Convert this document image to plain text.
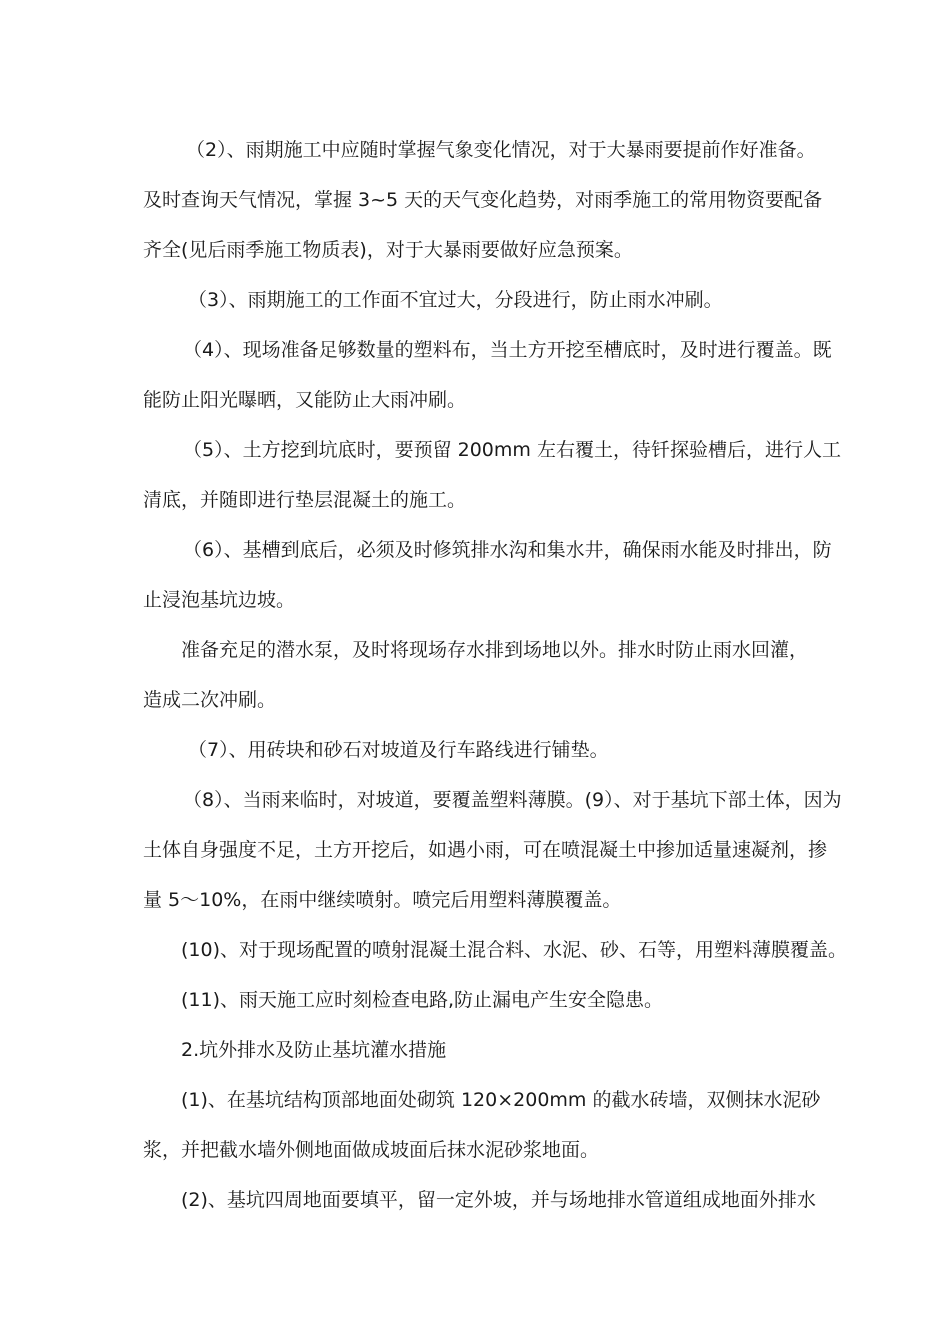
（2）、雨期施工中应随时掌握气象变化情况，对于大暴雨要提前作好准备。
及时查询天气情况，掌握 3~5 天的天气变化趋势，对雨季施工的常用物资要配备
齐全(见后雨季施工物质表)，对于大暴雨要做好应急预案。
（3）、雨期施工的工作面不宜过大，分段进行，防止雨水冲刷。
（4）、现场准备足够数量的塑料布，当土方开挖至槽底时，及时进行覆盖。既
能防止阳光曝晒，又能防止大雨冲刷。
（5）、土方挖到坑底时，要预留 200mm 左右覆土，待钎探验槽后，进行人工
清底，并随即进行垫层混凝土的施工。
（6）、基槽到底后，必须及时修筑排水沟和集水井，确保雨水能及时排出，防
止浸泡基坑边坡。
准备充足的潜水泵，及时将现场存水排到场地以外。排水时防止雨水回灌，
造成二次冲刷。
（7）、用砖块和砂石对坡道及行车路线进行铺垫。
（8）、当雨来临时，对坡道，要覆盖塑料薄膜。(9）、对于基坑下部土体，因为
土体自身强度不足，土方开挖后，如遇小雨，可在喷混凝土中掺加适量速凝剂，掺
量 5～10%，在雨中继续喷射。喷完后用塑料薄膜覆盖。
(10)、对于现场配置的喷射混凝土混合料、水泥、砂、石等，用塑料薄膜覆盖。
(11)、雨天施工应时刻检查电路,防止漏电产生安全隐患。
2.坑外排水及防止基坑灌水措施
(1)、在基坑结构顶部地面处砌筑 120×200mm 的截水砖墙，双侧抹水泥砂
浆，并把截水墙外侧地面做成坡面后抹水泥砂浆地面。
(2)、基坑四周地面要填平，留一定外坡，并与场地排水管道组成地面外排水
